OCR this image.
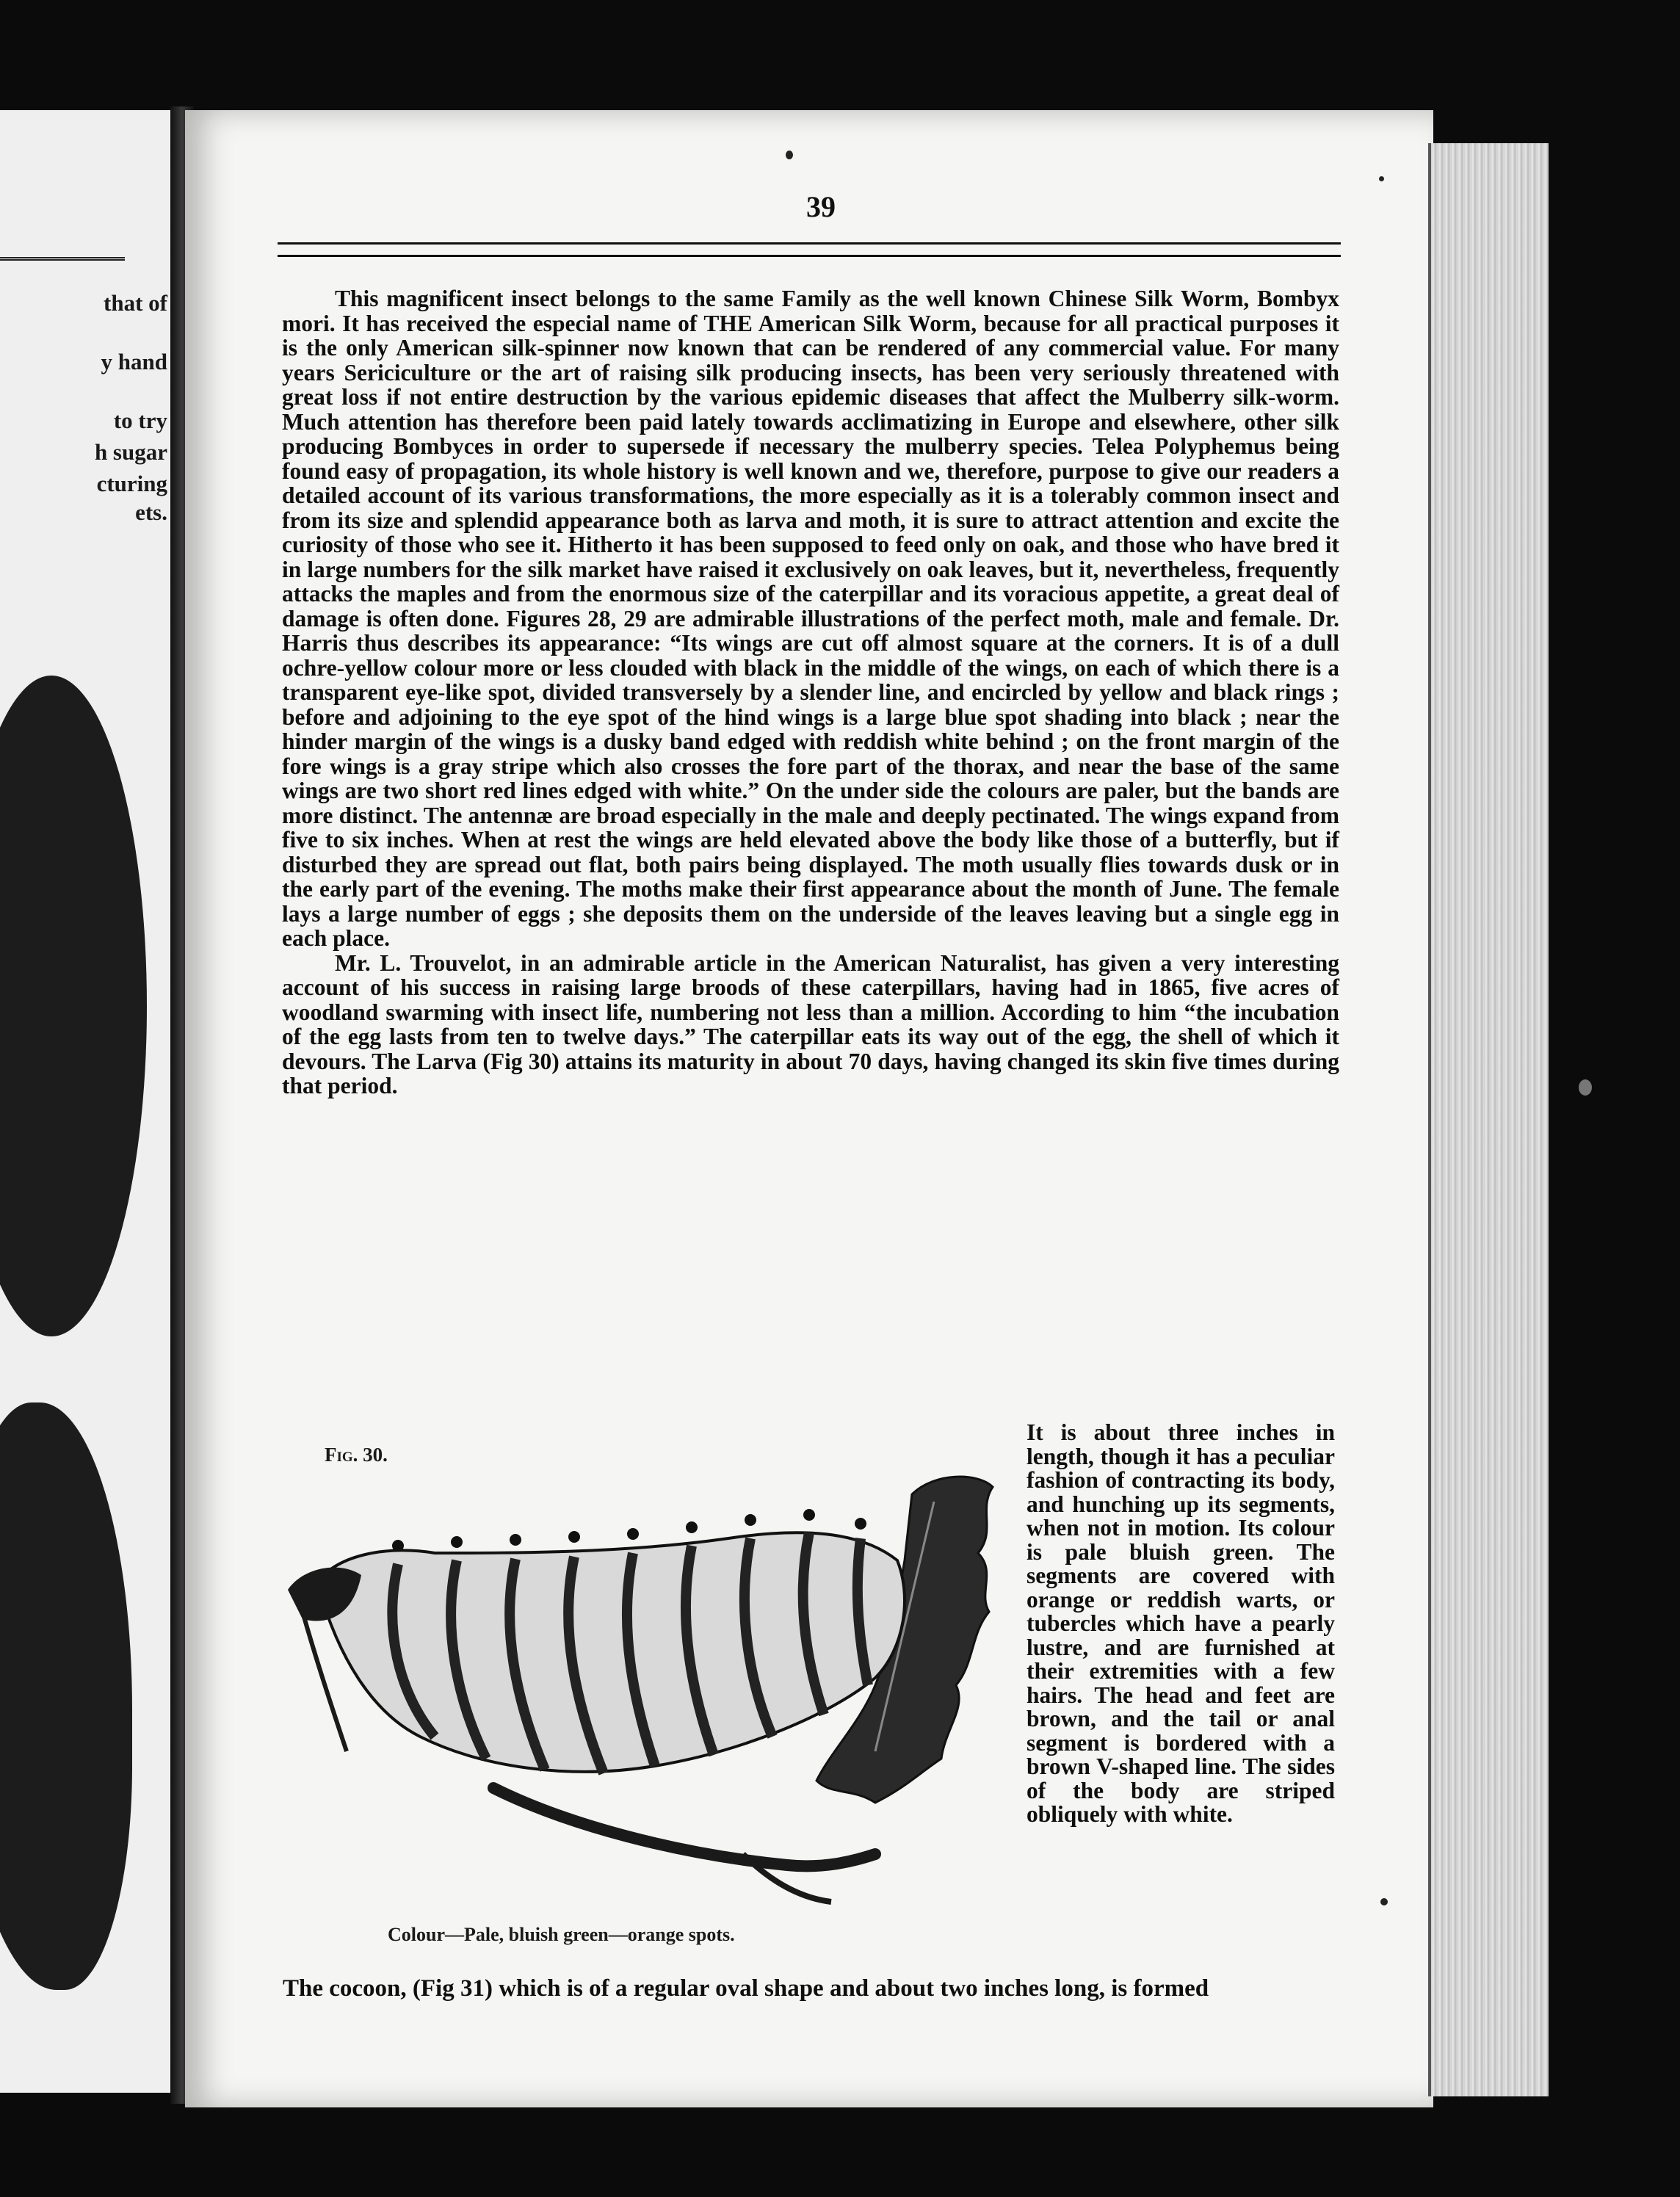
that of
y hand
to try
h sugar
cturing
ets.
39

This magnificent insect belongs to the same Family as the well known Chinese Silk Worm, Bombyx mori. It has received the especial name of THE American Silk Worm, because for all practical purposes it is the only American silk-spinner now known that can be rendered of any commercial value. For many years Sericiculture or the art of raising silk producing insects, has been very seriously threatened with great loss if not entire destruction by the various epidemic diseases that affect the Mulberry silk-worm. Much attention has therefore been paid lately towards acclimatizing in Europe and elsewhere, other silk producing Bombyces in order to supersede if necessary the mulberry species. Telea Polyphemus being found easy of propagation, its whole history is well known and we, therefore, purpose to give our readers a detailed account of its various transformations, the more especially as it is a tolerably common insect and from its size and splendid appearance both as larva and moth, it is sure to attract attention and excite the curiosity of those who see it. Hitherto it has been supposed to feed only on oak, and those who have bred it in large numbers for the silk market have raised it exclusively on oak leaves, but it, nevertheless, frequently attacks the maples and from the enormous size of the caterpillar and its voracious appetite, a great deal of damage is often done. Figures 28, 29 are admirable illustrations of the perfect moth, male and female. Dr. Harris thus describes its appearance: “Its wings are cut off almost square at the corners. It is of a dull ochre-yellow colour more or less clouded with black in the middle of the wings, on each of which there is a transparent eye-like spot, divided transversely by a slender line, and encircled by yellow and black rings ; before and adjoining to the eye spot of the hind wings is a large blue spot shading into black ; near the hinder margin of the wings is a dusky band edged with reddish white behind ; on the front margin of the fore wings is a gray stripe which also crosses the fore part of the thorax, and near the base of the same wings are two short red lines edged with white.” On the under side the colours are paler, but the bands are more distinct. The antennæ are broad especially in the male and deeply pectinated. The wings expand from five to six inches. When at rest the wings are held elevated above the body like those of a butterfly, but if disturbed they are spread out flat, both pairs being displayed. The moth usually flies towards dusk or in the early part of the evening. The moths make their first appearance about the month of June. The female lays a large number of eggs ; she deposits them on the underside of the leaves leaving but a single egg in each place.

Mr. L. Trouvelot, in an admirable article in the American Naturalist, has given a very interesting account of his success in raising large broods of these caterpillars, having had in 1865, five acres of woodland swarming with insect life, numbering not less than a million. According to him “the incubation of the egg lasts from ten to twelve days.” The caterpillar eats its way out of the egg, the shell of which it devours. The Larva (Fig 30) attains its maturity in about 70 days, having changed its skin five times during that period.

Fig. 30.
Colour—Pale, bluish green—orange spots.
It is about three inches in length, though it has a peculiar fashion of contracting its body, and hunching up its segments, when not in motion. Its colour is pale bluish green. The segments are covered with orange or reddish warts, or tubercles which have a pearly lustre, and are furnished at their extremities with a few hairs. The head and feet are brown, and the tail or anal segment is bordered with a brown V-shaped line. The sides of the body are striped obliquely with white.
The cocoon, (Fig 31) which is of a regular oval shape and about two inches long, is formed
